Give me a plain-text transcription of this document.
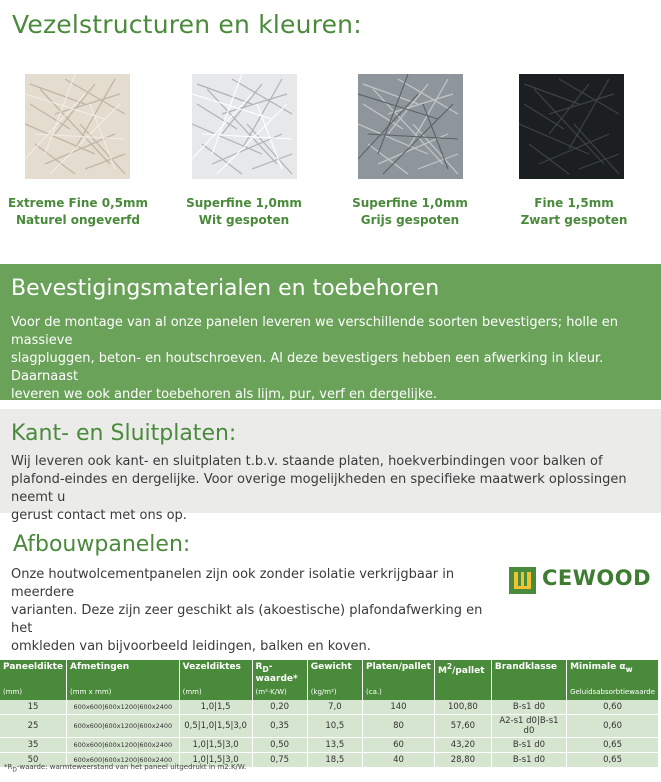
Vezelstructuren en kleuren:
Extreme Fine 0,5mm
Naturel ongeverfd
Superfine 1,0mm
Wit gespoten
Superfine 1,0mm
Grijs gespoten
Fine 1,5mm
Zwart gespoten
Bevestigingsmaterialen en toebehoren
Voor de montage van al onze panelen leveren we verschillende soorten bevestigers; holle en massieve
slagpluggen, beton- en houtschroeven. Al deze bevestigers hebben een afwerking in kleur. Daarnaast
leveren we ook ander toebehoren als lijm, pur, verf en dergelijke.
Kant- en Sluitplaten:
Wij leveren ook kant- en sluitplaten t.b.v. staande platen, hoekverbindingen voor balken of
plafond-eindes en dergelijke. Voor overige mogelijkheden en specifieke maatwerk oplossingen neemt u
gerust contact met ons op.
Afbouwpanelen:
Onze houtwolcementpanelen zijn ook zonder isolatie verkrijgbaar in meerdere
varianten. Deze zijn zeer geschikt als (akoestische) plafondafwerking en het
omkleden van bijvoorbeeld leidingen, balken en koven.
CEWOOD
Paneeldikte	Afmetingen	Vezeldiktes	$R_D-waarde*$	Gewicht	Platen/pallet	$M^2$/pallet	Brandklasse	Minimale $\alpha_w$
(mm)	(mm x mm)	(mm)	(m²·K/W)	(kg/m²)	(ca.)			Geluidsabsorbtiewaarde
15	600x600|600x1200|600x2400	1,0|1,5	0,20	7,0	140	100,80	B-s1 d0	0,60
25	600x600|600x1200|600x2400	0,5|1,0|1,5|3,0	0,35	10,5	80	57,60	A2-s1 d0|B-s1 d0	0,60
35	600x600|600x1200|600x2400	1,0|1,5|3,0	0,50	13,5	60	43,20	B-s1 d0	0,65
50	600x600|600x1200|600x2400	1,0|1,5|3,0	0,75	18,5	40	28,80	B-s1 d0	0,65
$*R_D$-waarde: warmteweerstand van het paneel uitgedrukt in m2.K/W.
